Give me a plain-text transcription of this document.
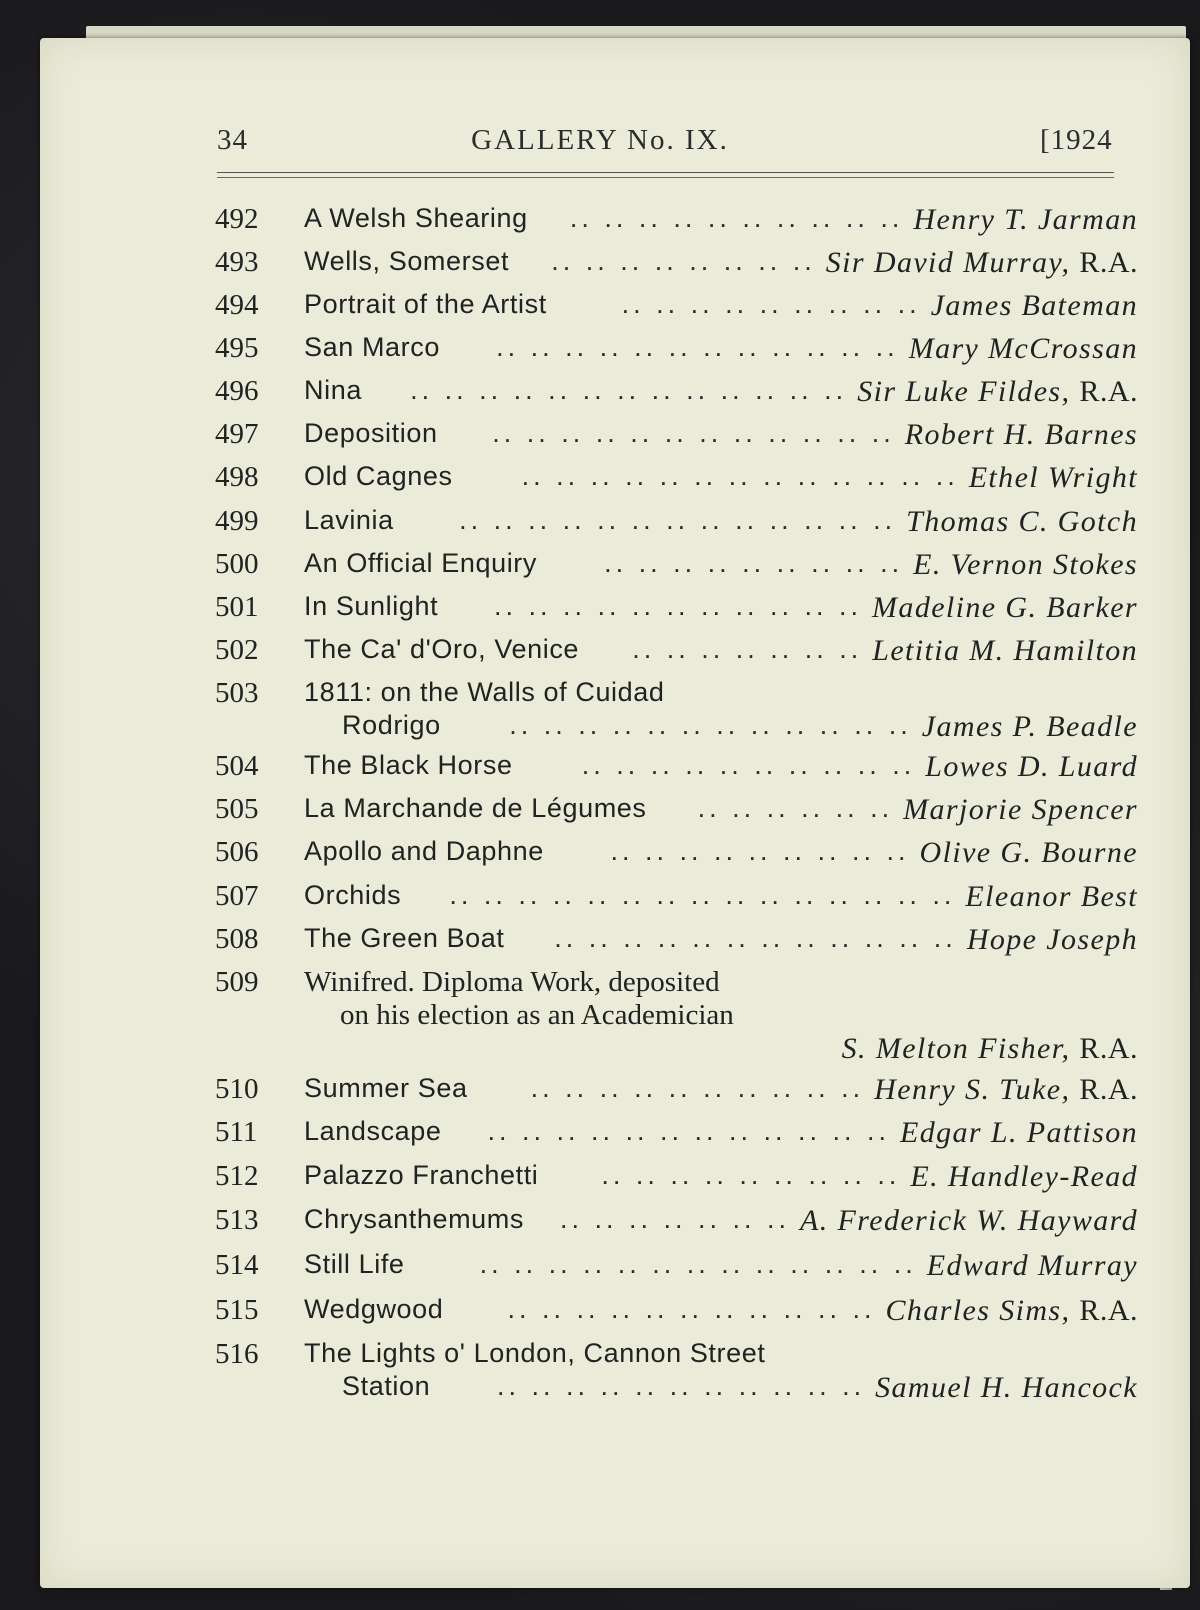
34	GALLERY No. IX.	[1924
492	A Welsh Shearing	Henry T. Jarman
.. .. .. .. .. .. .. .. .. ..
493	Wells, Somerset	Sir David Murray, R.A.
.. .. .. .. .. .. .. ..
494	Portrait of the Artist	James Bateman
.. .. .. .. .. .. .. .. ..
495	San Marco	Mary McCrossan
.. .. .. .. .. .. .. .. .. .. .. ..
496	Nina	Sir Luke Fildes, R.A.
.. .. .. .. .. .. .. .. .. .. .. .. ..
497	Deposition	Robert H. Barnes
.. .. .. .. .. .. .. .. .. .. .. ..
498	Old Cagnes	Ethel Wright
.. .. .. .. .. .. .. .. .. .. .. .. ..
499	Lavinia	Thomas C. Gotch
.. .. .. .. .. .. .. .. .. .. .. .. ..
500	An Official Enquiry	E. Vernon Stokes
.. .. .. .. .. .. .. .. ..
501	In Sunlight	Madeline G. Barker
.. .. .. .. .. .. .. .. .. .. ..
502	The Ca' d'Oro, Venice	Letitia M. Hamilton
.. .. .. .. .. .. ..
503	1811: on the Walls of Cuidad
Rodrigo	James P. Beadle
.. .. .. .. .. .. .. .. .. .. .. ..
504	The Black Horse	Lowes D. Luard
.. .. .. .. .. .. .. .. .. ..
505	La Marchande de Légumes	Marjorie Spencer
.. .. .. .. .. ..
506	Apollo and Daphne	Olive G. Bourne
.. .. .. .. .. .. .. .. ..
507	Orchids	Eleanor Best
.. .. .. .. .. .. .. .. .. .. .. .. .. .. ..
508	The Green Boat	Hope Joseph
.. .. .. .. .. .. .. .. .. .. .. ..
509	Winifred. Diploma Work, deposited
on his election as an Academician
S. Melton Fisher, R.A.
510	Summer Sea	Henry S. Tuke, R.A.
.. .. .. .. .. .. .. .. .. ..
511	Landscape	Edgar L. Pattison
.. .. .. .. .. .. .. .. .. .. .. ..
512	Palazzo Franchetti	E. Handley-Read
.. .. .. .. .. .. .. .. ..
513	Chrysanthemums	A. Frederick W. Hayward
.. .. .. .. .. .. ..
514	Still Life	Edward Murray
.. .. .. .. .. .. .. .. .. .. .. .. ..
515	Wedgwood	Charles Sims, R.A.
.. .. .. .. .. .. .. .. .. .. ..
516	The Lights o' London, Cannon Street
Station	Samuel H. Hancock
.. .. .. .. .. .. .. .. .. .. ..
